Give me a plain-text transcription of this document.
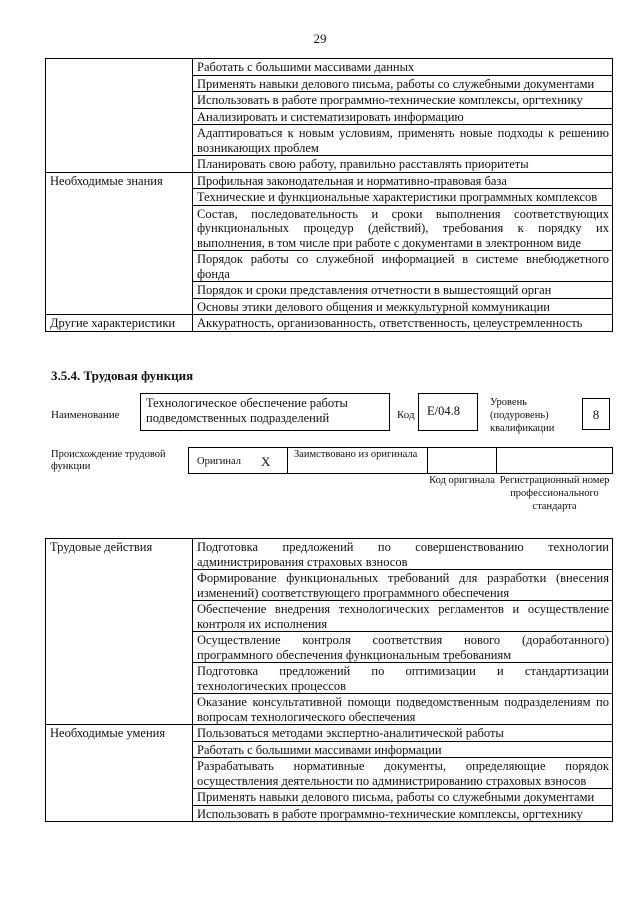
29
	Работать с большими массивами данных
	Применять навыки делового письма, работы со служебными документами
	Использовать в работе программно-технические комплексы, оргтехнику
	Анализировать и систематизировать информацию
	Адаптироваться к новым условиям, применять новые подходы к решению возникающих проблем
	Планировать свою работу, правильно расставлять приоритеты
Необходимые знания	Профильная законодательная и нормативно-правовая база
	Технические и функциональные характеристики программных комплексов
	Состав, последовательность и сроки выполнения соответствующих функциональных процедур (действий), требования к порядку их выполнения, в том числе при работе с документами в электронном виде
	Порядок работы со служебной информацией в системе внебюджетного фонда
	Порядок и сроки представления отчетности в вышестоящий орган
	Основы этики делового общения и межкультурной коммуникации
Другие характеристики	Аккуратность, организованность, ответственность, целеустремленность
3.5.4. Трудовая функция
Наименование
Технологическое обеспечение работы подведомственных подразделений	Код E/04.8
Уровень (подуровень) квалификации
8
Происхождение трудовой функции	Оригинал X	Заимствовано из оригинала
Код оригинала Регистрационный номер профессионального стандарта
Трудовые действия	Подготовка предложений по совершенствованию технологии администрирования страховых взносов
	Формирование функциональных требований для разработки (внесения изменений) соответствующего программного обеспечения
	Обеспечение внедрения технологических регламентов и осуществление контроля их исполнения
	Осуществление контроля соответствия нового (доработанного) программного обеспечения функциональным требованиям
	Подготовка предложений по оптимизации и стандартизации технологических процессов
	Оказание консультативной помощи подведомственным подразделениям по вопросам технологического обеспечения
Необходимые умения	Пользоваться методами экспертно-аналитической работы
	Работать с большими массивами информации
	Разрабатывать нормативные документы, определяющие порядок осуществления деятельности по администрированию страховых взносов
	Применять навыки делового письма, работы со служебными документами
	Использовать в работе программно-технические комплексы, оргтехнику
